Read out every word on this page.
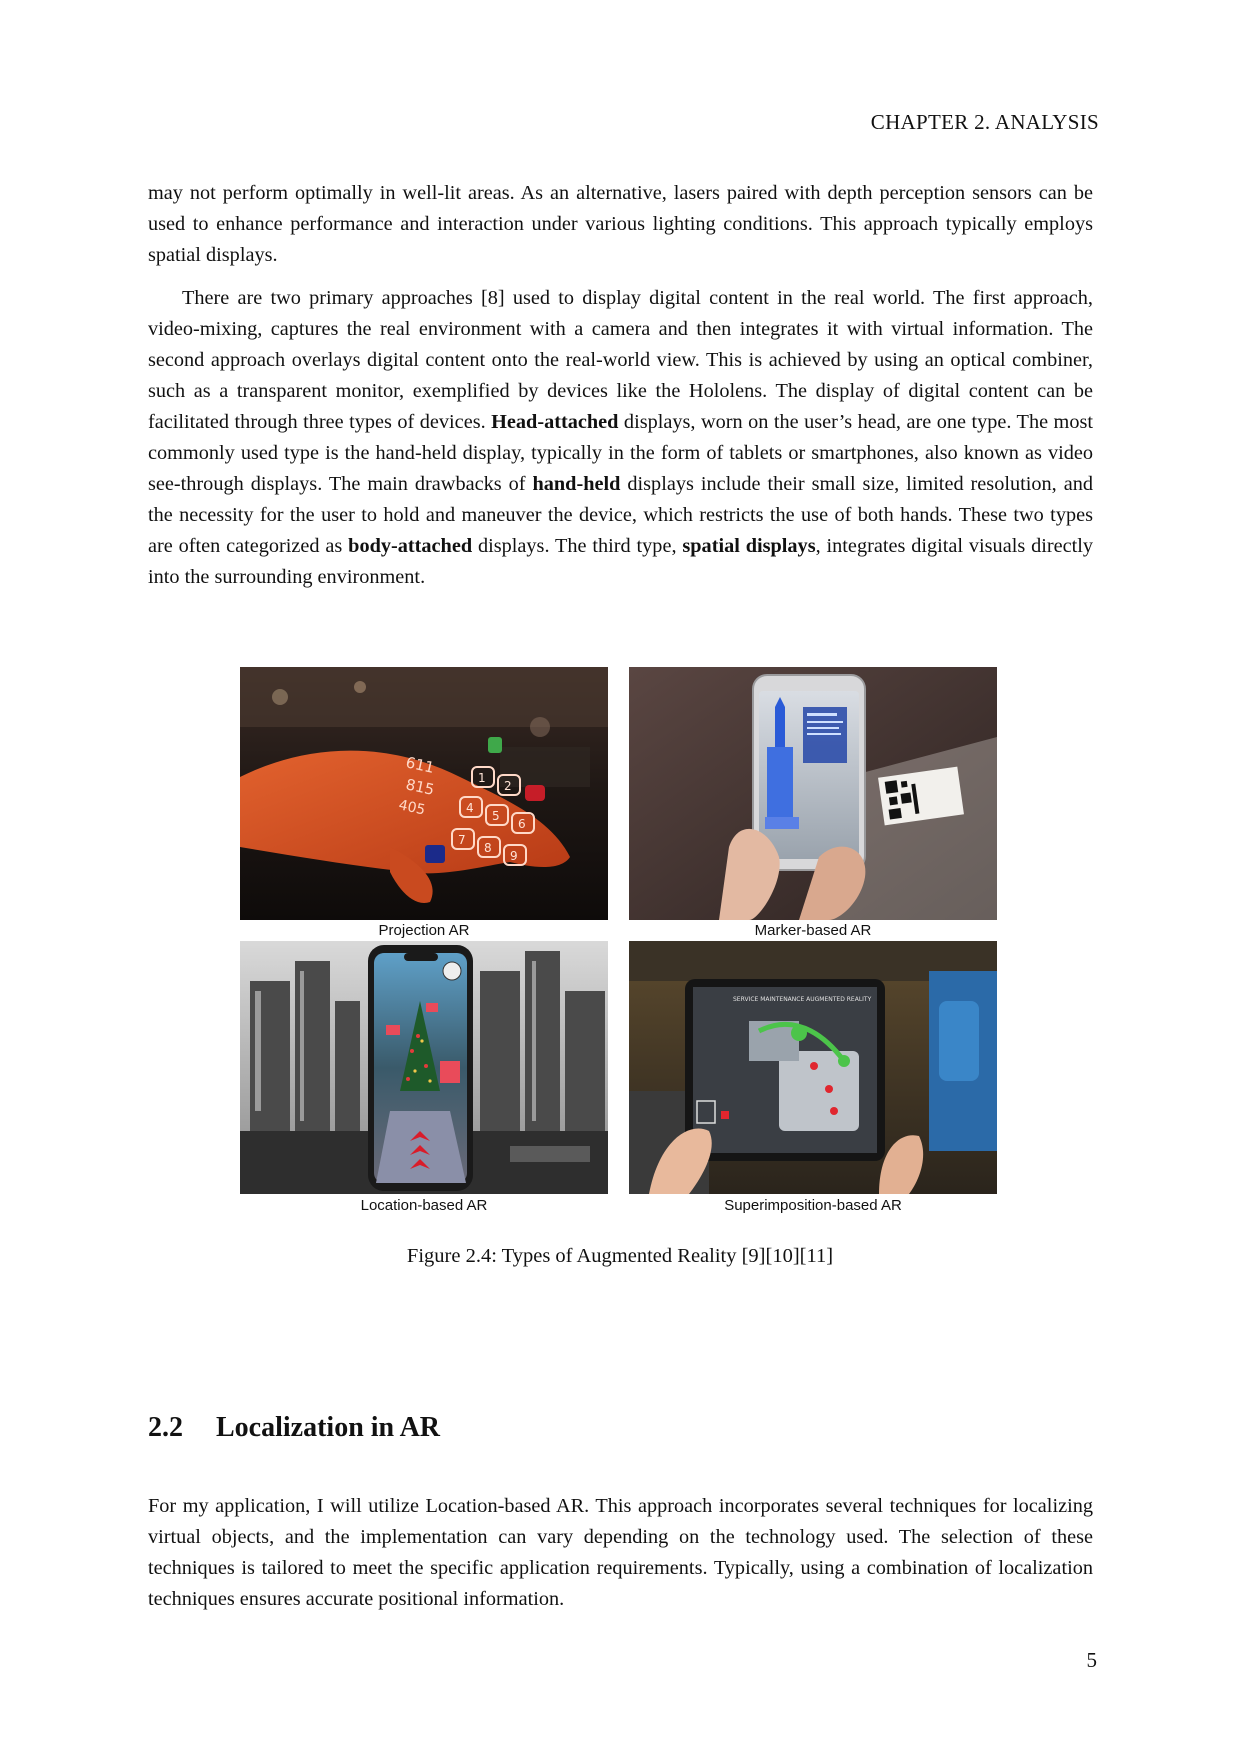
CHAPTER 2. ANALYSIS

may not perform optimally in well-lit areas. As an alternative, lasers paired with depth perception sensors can be used to enhance performance and interaction under various lighting conditions. This approach typically employs spatial displays.

There are two primary approaches [8] used to display digital content in the real world. The first approach, video-mixing, captures the real environment with a camera and then integrates it with virtual information. The second approach overlays digital content onto the real-world view. This is achieved by using an optical combiner, such as a transparent monitor, exemplified by devices like the Hololens. The display of digital content can be facilitated through three types of devices. Head-attached displays, worn on the user’s head, are one type. The most commonly used type is the hand-held display, typically in the form of tablets or smartphones, also known as video see-through displays. The main drawbacks of hand-held displays include their small size, limited resolution, and the necessity for the user to hold and maneuver the device, which restricts the use of both hands. These two types are often categorized as body-attached displays. The third type, spatial displays, integrates digital visuals directly into the surrounding environment.

611
815
405
1
2
4
5
6
7
8
9
Projection AR	Marker-based AR
Location-based AR
SERVICE MAINTENANCE AUGMENTED REALITY
Superimposition-based AR
Figure 2.4: Types of Augmented Reality [9][10][11]
2.2 Localization in AR

For my application, I will utilize Location-based AR. This approach incorporates several techniques for localizing virtual objects, and the implementation can vary depending on the technology used. The selection of these techniques is tailored to meet the specific application requirements. Typically, using a combination of localization techniques ensures accurate positional information.

5
